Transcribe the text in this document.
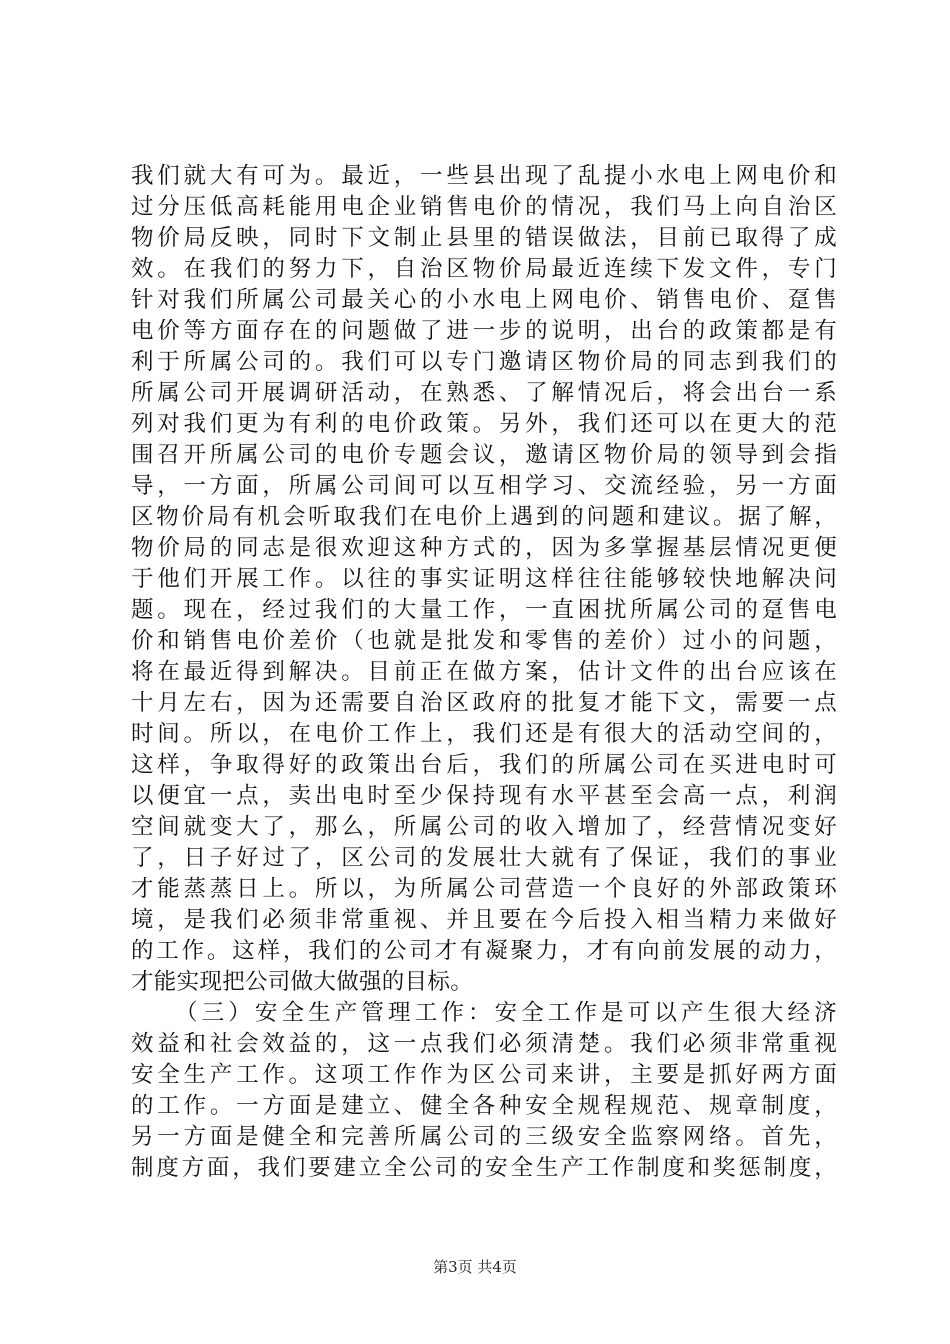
我们就大有可为。最近，一些县出现了乱提小水电上网电价和
过分压低高耗能用电企业销售电价的情况，我们马上向自治区
物价局反映，同时下文制止县里的错误做法，目前已取得了成
效。在我们的努力下，自治区物价局最近连续下发文件，专门
针对我们所属公司最关心的小水电上网电价、销售电价、趸售
电价等方面存在的问题做了进一步的说明，出台的政策都是有
利于所属公司的。我们可以专门邀请区物价局的同志到我们的
所属公司开展调研活动，在熟悉、了解情况后，将会出台一系
列对我们更为有利的电价政策。另外，我们还可以在更大的范
围召开所属公司的电价专题会议，邀请区物价局的领导到会指
导，一方面，所属公司间可以互相学习、交流经验，另一方面
区物价局有机会听取我们在电价上遇到的问题和建议。据了解，
物价局的同志是很欢迎这种方式的，因为多掌握基层情况更便
于他们开展工作。以往的事实证明这样往往能够较快地解决问
题。现在，经过我们的大量工作，一直困扰所属公司的趸售电
价和销售电价差价（也就是批发和零售的差价）过小的问题，
将在最近得到解决。目前正在做方案，估计文件的出台应该在
十月左右，因为还需要自治区政府的批复才能下文，需要一点
时间。所以，在电价工作上，我们还是有很大的活动空间的，
这样，争取得好的政策出台后，我们的所属公司在买进电时可
以便宜一点，卖出电时至少保持现有水平甚至会高一点，利润
空间就变大了，那么，所属公司的收入增加了，经营情况变好
了，日子好过了，区公司的发展壮大就有了保证，我们的事业
才能蒸蒸日上。所以，为所属公司营造一个良好的外部政策环
境，是我们必须非常重视、并且要在今后投入相当精力来做好
的工作。这样，我们的公司才有凝聚力，才有向前发展的动力，
才能实现把公司做大做强的目标。
（三）安全生产管理工作：安全工作是可以产生很大经济
效益和社会效益的，这一点我们必须清楚。我们必须非常重视
安全生产工作。这项工作作为区公司来讲，主要是抓好两方面
的工作。一方面是建立、健全各种安全规程规范、规章制度，
另一方面是健全和完善所属公司的三级安全监察网络。首先，
制度方面，我们要建立全公司的安全生产工作制度和奖惩制度，
第3页 共4页
